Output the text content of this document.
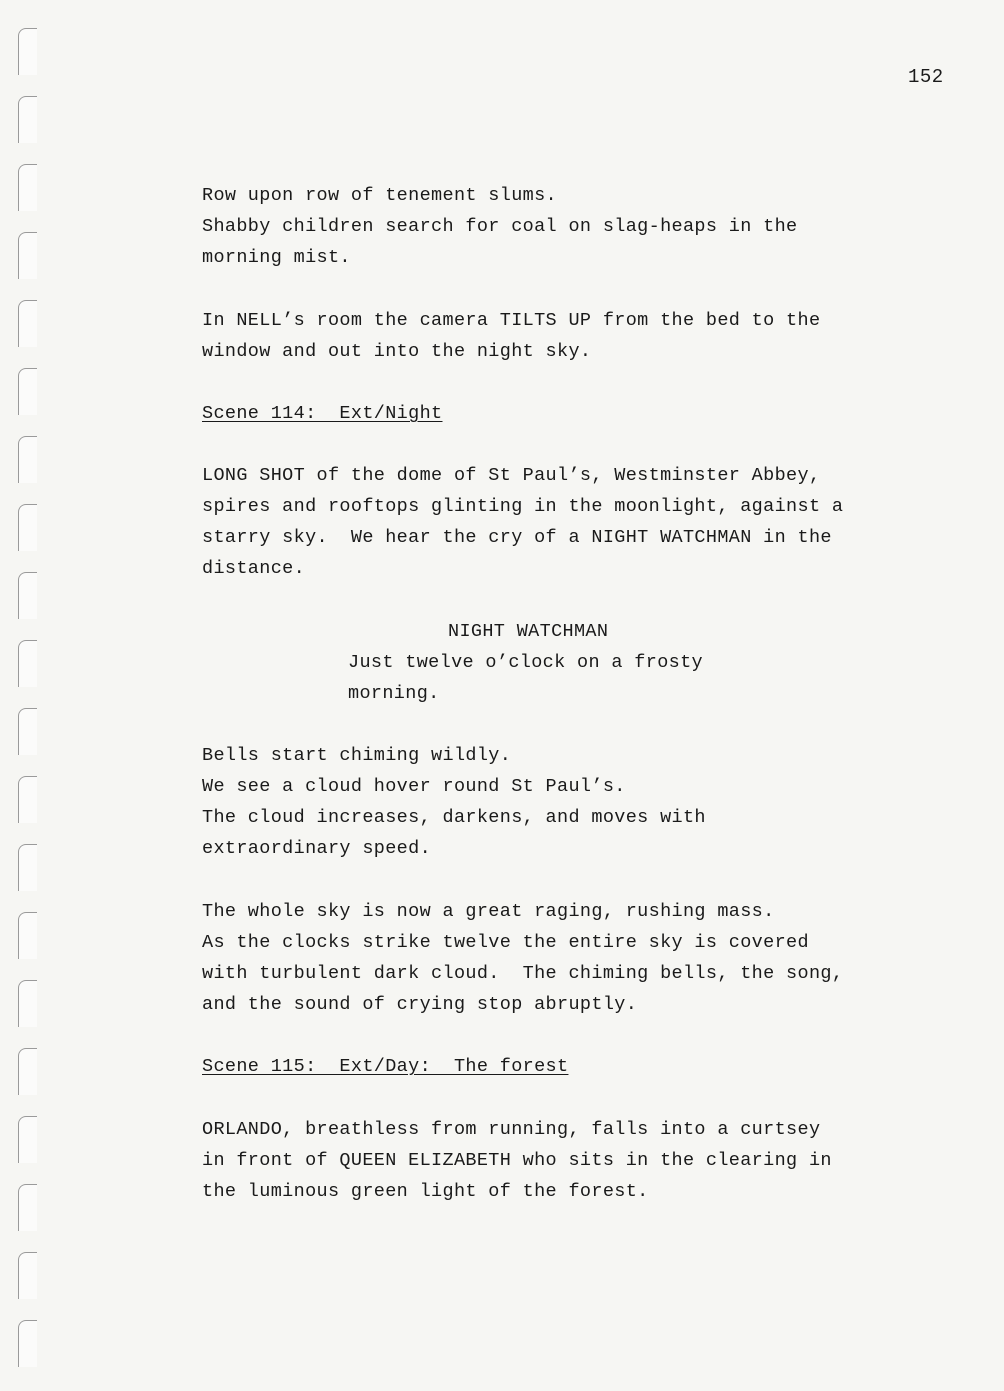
152
Row upon row of tenement slums.
Shabby children search for coal on slag-heaps in the
morning mist.
In NELL’s room the camera TILTS UP from the bed to the
window and out into the night sky.
Scene 114:  Ext/Night
LONG SHOT of the dome of St Paul’s, Westminster Abbey,
spires and rooftops glinting in the moonlight, against a
starry sky.  We hear the cry of a NIGHT WATCHMAN in the
distance.
NIGHT WATCHMAN
Just twelve o’clock on a frosty
morning.
Bells start chiming wildly.
We see a cloud hover round St Paul’s.
The cloud increases, darkens, and moves with
extraordinary speed.
The whole sky is now a great raging, rushing mass.
As the clocks strike twelve the entire sky is covered
with turbulent dark cloud.  The chiming bells, the song,
and the sound of crying stop abruptly.
Scene 115:  Ext/Day:  The forest
ORLANDO, breathless from running, falls into a curtsey
in front of QUEEN ELIZABETH who sits in the clearing in
the luminous green light of the forest.
